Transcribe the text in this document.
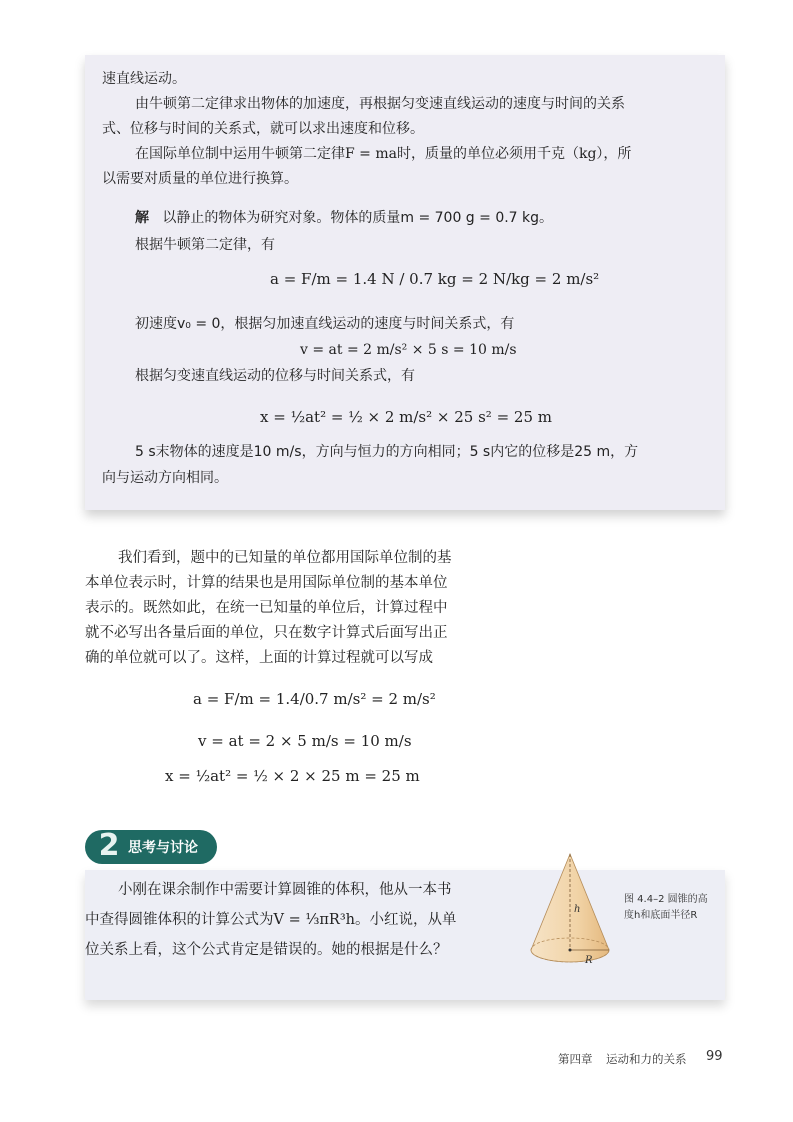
速直线运动。
由牛顿第二定律求出物体的加速度，再根据匀变速直线运动的速度与时间的关系
式、位移与时间的关系式，就可以求出速度和位移。
在国际单位制中运用牛顿第二定律F = ma时，质量的单位必须用千克（kg），所
以需要对质量的单位进行换算。
解 以静止的物体为研究对象。物体的质量m = 700 g = 0.7 kg。
根据牛顿第二定律，有
a = F/m = 1.4 N / 0.7 kg = 2 N/kg = 2 m/s²
初速度v₀ = 0，根据匀加速直线运动的速度与时间关系式，有
v = at = 2 m/s² × 5 s = 10 m/s
根据匀变速直线运动的位移与时间关系式，有
x = ½at² = ½ × 2 m/s² × 25 s² = 25 m
5 s末物体的速度是10 m/s，方向与恒力的方向相同；5 s内它的位移是25 m，方
向与运动方向相同。
我们看到，题中的已知量的单位都用国际单位制的基
本单位表示时，计算的结果也是用国际单位制的基本单位
表示的。既然如此，在统一已知量的单位后，计算过程中
就不必写出各量后面的单位，只在数字计算式后面写出正
确的单位就可以了。这样，上面的计算过程就可以写成
a = F/m = 1.4/0.7 m/s² = 2 m/s²
v = at = 2 × 5 m/s = 10 m/s
x = ½at² = ½ × 2 × 25 m = 25 m
2 思考与讨论
小刚在课余制作中需要计算圆锥的体积，他从一本书
中查得圆锥体积的计算公式为V = ⅓πR³h。小红说，从单
位关系上看，这个公式肯定是错误的。她的根据是什么？
h
R
图 4.4–2 圆锥的高度h和底面半径R
第四章 运动和力的关系 99
